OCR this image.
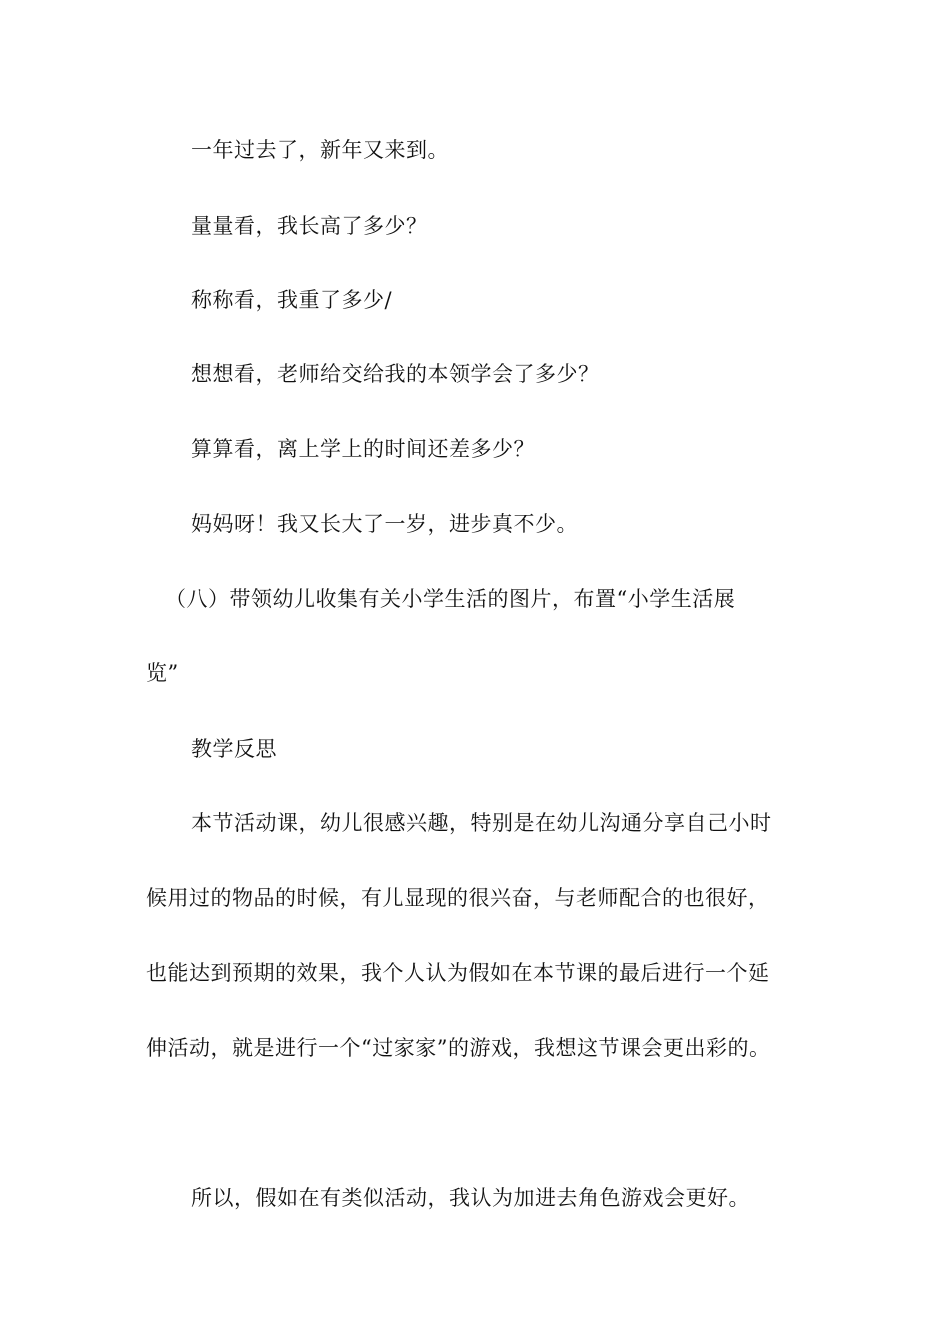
一年过去了，新年又来到。

量量看，我长高了多少？

称称看，我重了多少/

想想看，老师给交给我的本领学会了多少？

算算看，离上学上的时间还差多少？

妈妈呀！我又长大了一岁，进步真不少。

（八）带领幼儿收集有关小学生活的图片，布置“小学生活展

览”

教学反思

本节活动课，幼儿很感兴趣，特别是在幼儿沟通分享自己小时

候用过的物品的时候，有儿显现的很兴奋，与老师配合的也很好，

也能达到预期的效果，我个人认为假如在本节课的最后进行一个延

伸活动，就是进行一个“过家家”的游戏，我想这节课会更出彩的。

所以，假如在有类似活动，我认为加进去角色游戏会更好。
